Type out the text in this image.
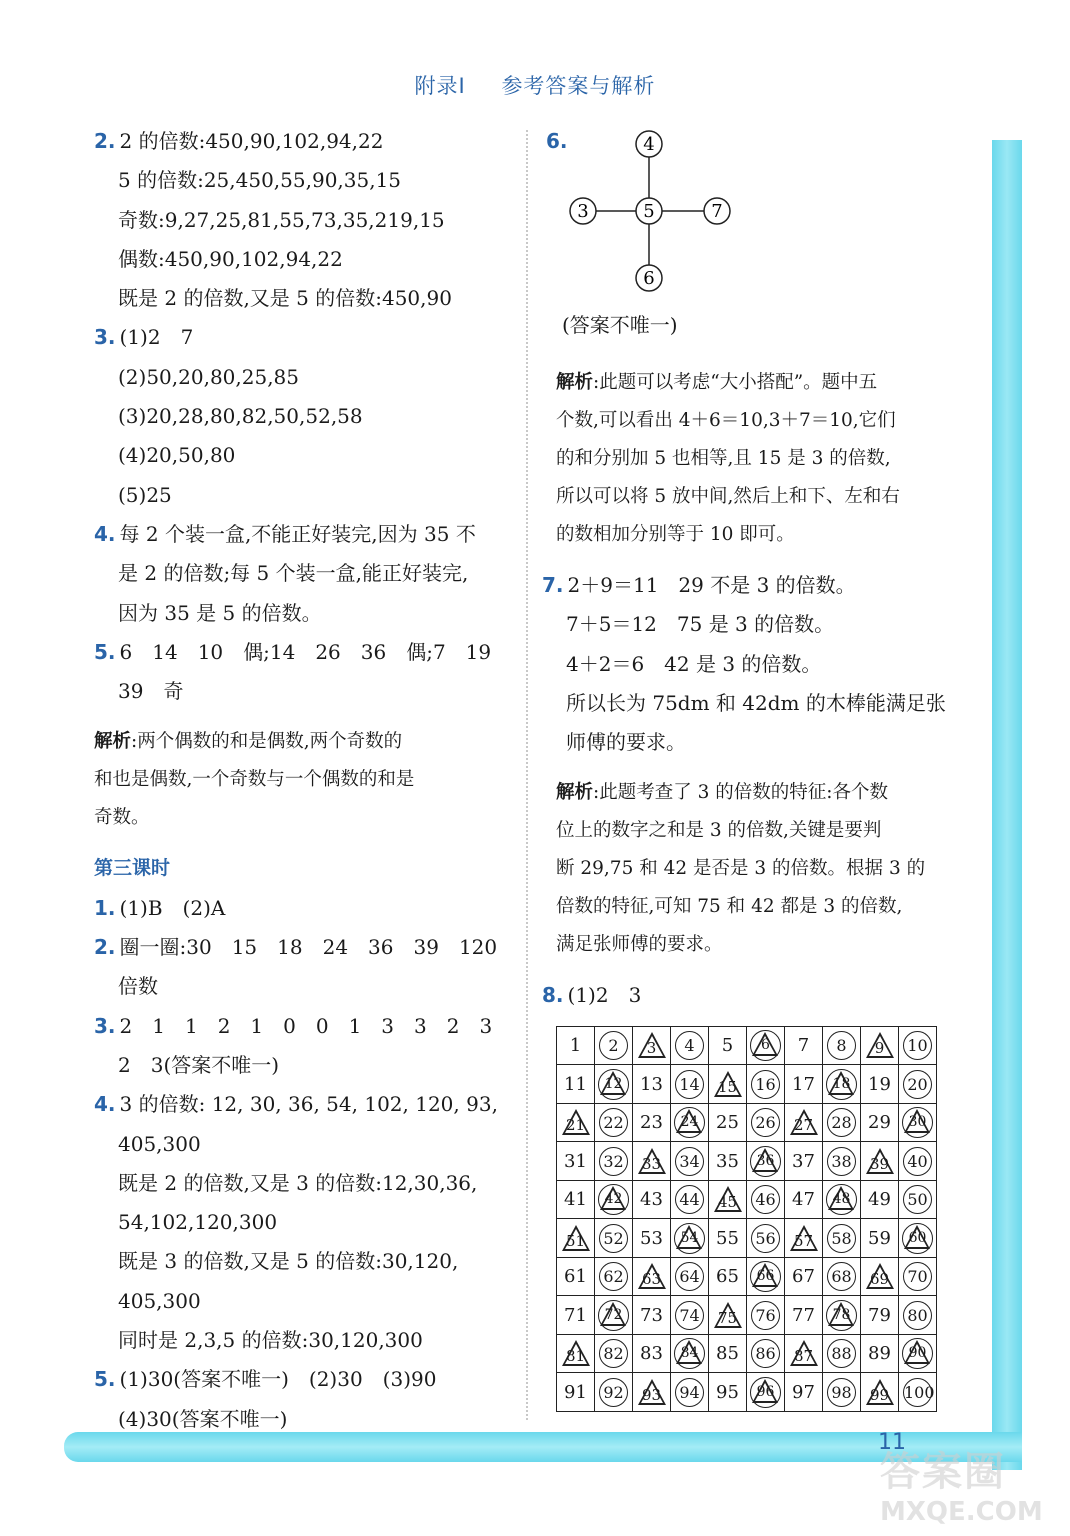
附录Ⅰ 参考答案与解析
2. 2 的倍数:450,90,102,94,22
5 的倍数:25,450,55,90,35,15
奇数:9,27,25,81,55,73,35,219,15
偶数:450,90,102,94,22
既是 2 的倍数,又是 5 的倍数:450,90
3. (1)2　7
(2)50,20,80,25,85
(3)20,28,80,82,50,52,58
(4)20,50,80
(5)25
4. 每 2 个装一盒,不能正好装完,因为 35 不
是 2 的倍数;每 5 个装一盒,能正好装完,
因为 35 是 5 的倍数。
5. 6　14　10　偶;14　26　36　偶;7　19
39　奇
解析:两个偶数的和是偶数,两个奇数的
和也是偶数,一个奇数与一个偶数的和是
奇数。
第三课时
1. (1)B　(2)A
2. 圈一圈:30　15　18　24　36　39　120
倍数
3. 2　1　1　2　1　0　0　1　3　3　2　3
2　3(答案不唯一)
4. 3 的倍数: 12, 30, 36, 54, 102, 120, 93,
405,300
既是 2 的倍数,又是 3 的倍数:12,30,36,
54,102,120,300
既是 3 的倍数,又是 5 的倍数:30,120,
405,300
同时是 2,3,5 的倍数:30,120,300
5. (1)30(答案不唯一)　(2)30　(3)90
(4)30(答案不唯一)
6.	4
3	5	7
6
(答案不唯一)
解析:此题可以考虑“大小搭配”。题中五
个数,可以看出 4＋6＝10,3＋7＝10,它们
的和分别加 5 也相等,且 15 是 3 的倍数,
所以可以将 5 放中间,然后上和下、左和右
的数相加分别等于 10 即可。
7. 2＋9＝11　29 不是 3 的倍数。
7＋5＝12　75 是 3 的倍数。
4＋2＝6　42 是 3 的倍数。
所以长为 75dm 和 42dm 的木棒能满足张
师傅的要求。
解析:此题考查了 3 的倍数的特征:各个数
位上的数字之和是 3 的倍数,关键是要判
断 29,75 和 42 是否是 3 的倍数。根据 3 的
倍数的特征,可知 75 和 42 都是 3 的倍数,
满足张师傅的要求。
8. (1)2　3
1	2	3	4	5	6	7	8	9	10
11	12	13	14	15	16	17	18	19	20
21	22	23	24	25	26	27	28	29	30
31	32	33	34	35	36	37	38	39	40
41	42	43	44	45	46	47	48	49	50
51	52	53	54	55	56	57	58	59	60
61	62	63	64	65	66	67	68	69	70
71	72	73	74	75	76	77	78	79	80
81	82	83	84	85	86	87	88	89	90
91	92	93	94	95	96	97	98	99	100
11
答案圈
MXQE.COM
